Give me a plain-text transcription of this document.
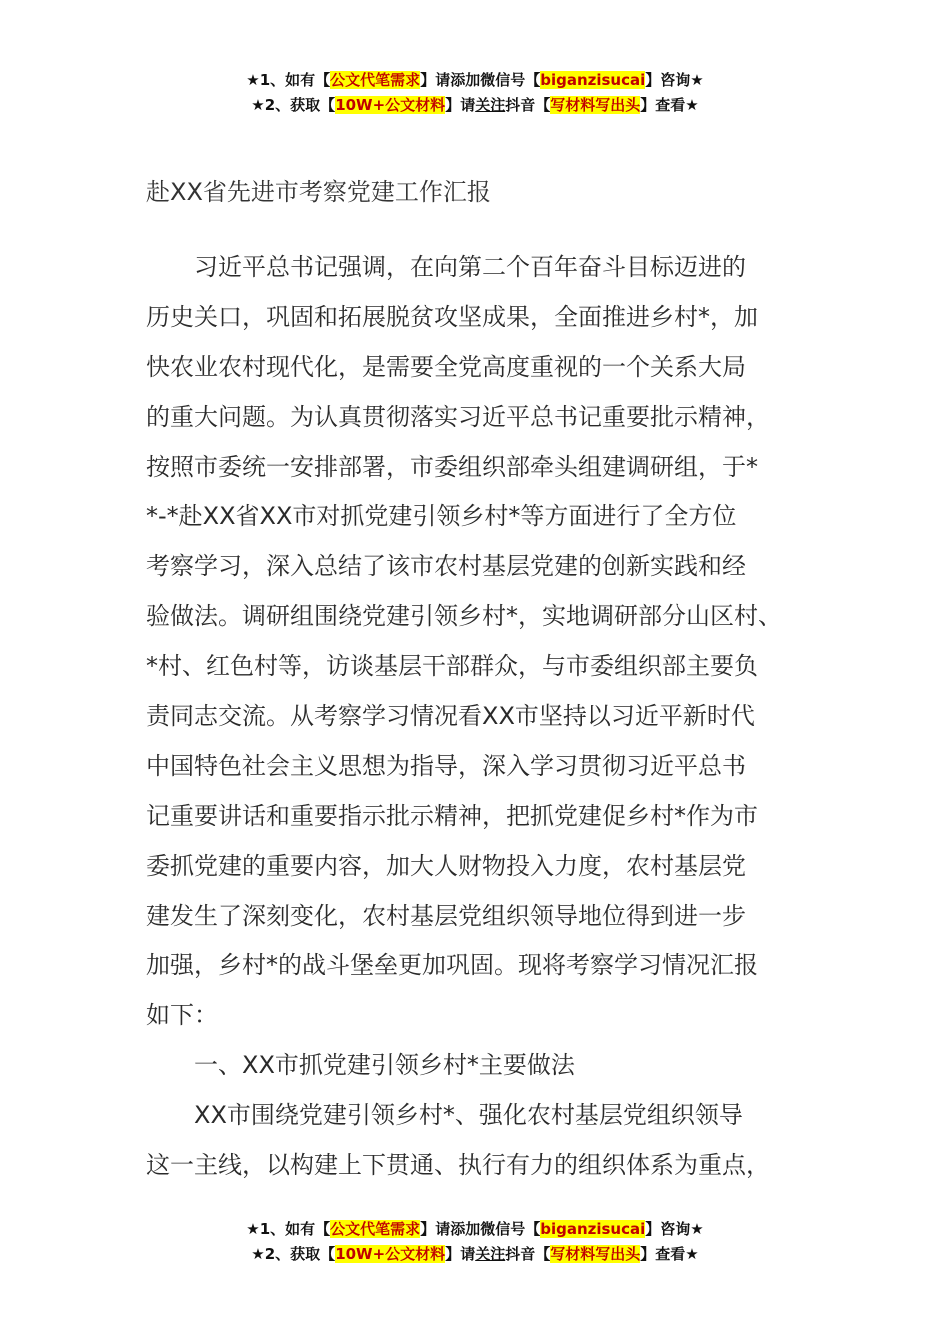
★1、如有【公文代笔需求】请添加微信号【biganzisucai】咨询★
★2、获取【10W+公文材料】请关注抖音【写材料写出头】查看★
赴XX省先进市考察党建工作汇报
习近平总书记强调，在向第二个百年奋斗目标迈进的
历史关口，巩固和拓展脱贫攻坚成果，全面推进乡村*，加
快农业农村现代化，是需要全党高度重视的一个关系大局
的重大问题。为认真贯彻落实习近平总书记重要批示精神，
按照市委统一安排部署，市委组织部牵头组建调研组，于*
*-*赴XX省XX市对抓党建引领乡村*等方面进行了全方位
考察学习，深入总结了该市农村基层党建的创新实践和经
验做法。调研组围绕党建引领乡村*，实地调研部分山区村、
*村、红色村等，访谈基层干部群众，与市委组织部主要负
责同志交流。从考察学习情况看XX市坚持以习近平新时代
中国特色社会主义思想为指导，深入学习贯彻习近平总书
记重要讲话和重要指示批示精神，把抓党建促乡村*作为市
委抓党建的重要内容，加大人财物投入力度，农村基层党
建发生了深刻变化，农村基层党组织领导地位得到进一步
加强，乡村*的战斗堡垒更加巩固。现将考察学习情况汇报
如下：
一、XX市抓党建引领乡村*主要做法
XX市围绕党建引领乡村*、强化农村基层党组织领导
这一主线，以构建上下贯通、执行有力的组织体系为重点，
★1、如有【公文代笔需求】请添加微信号【biganzisucai】咨询★
★2、获取【10W+公文材料】请关注抖音【写材料写出头】查看★
